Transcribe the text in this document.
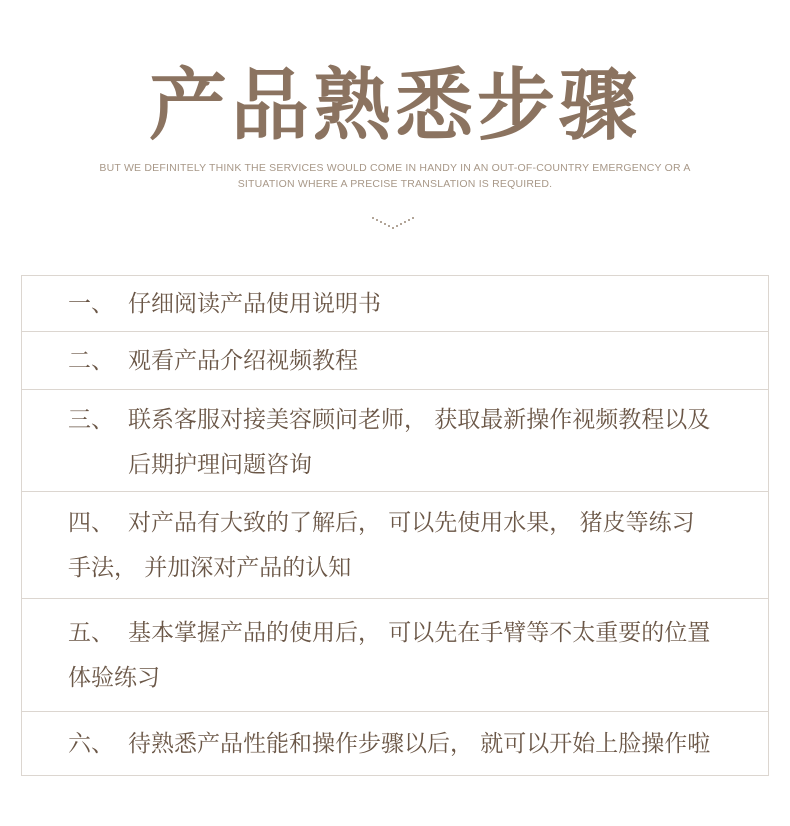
产品熟悉步骤
BUT WE DEFINITELY THINK THE SERVICES WOULD COME IN HANDY IN AN OUT-OF-COUNTRY EMERGENCY OR A
SITUATION WHERE A PRECISE TRANSLATION IS REQUIRED.
一、 仔细阅读产品使用说明书
二、 观看产品介绍视频教程
三、 联系客服对接美容顾问老师， 获取最新操作视频教程以及
后期护理问题咨询
四、 对产品有大致的了解后， 可以先使用水果， 猪皮等练习
手法， 并加深对产品的认知
五、 基本掌握产品的使用后， 可以先在手臂等不太重要的位置
体验练习
六、 待熟悉产品性能和操作步骤以后， 就可以开始上脸操作啦
